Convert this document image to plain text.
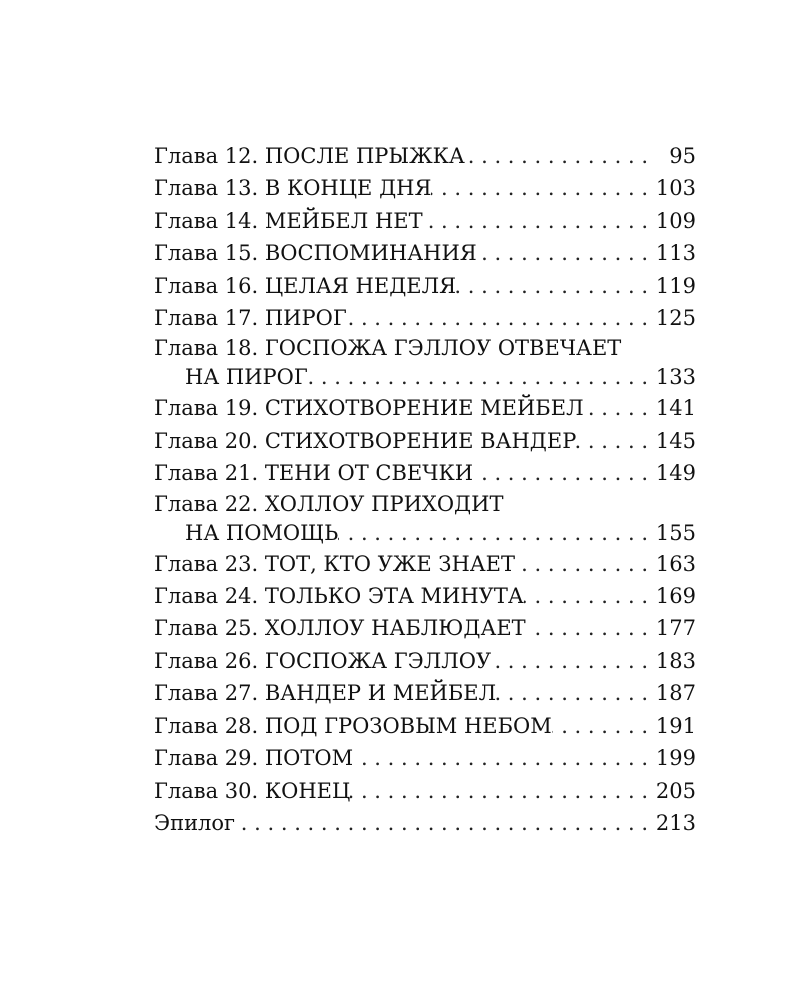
Глава 12. ПОСЛЕ ПРЫЖКА . . .	95
Глава 13. В КОНЦЕ ДНЯ . . .	103
Глава 14. МЕЙБЕЛ НЕТ . . .	109
Глава 15. ВОСПОМИНАНИЯ . . .	113
Глава 16. ЦЕЛАЯ НЕДЕЛЯ . . .	119
Глава 17. ПИРОГ . . .	125
Глава 18. ГОСПОЖА ГЭЛЛОУ ОТВЕЧАЕТ
НА ПИРОГ . . .	133
Глава 19. СТИХОТВОРЕНИЕ МЕЙБЕЛ . . .	141
Глава 20. СТИХОТВОРЕНИЕ ВАНДЕР . . .	145
Глава 21. ТЕНИ ОТ СВЕЧКИ . . .	149
Глава 22. ХОЛЛОУ ПРИХОДИТ
НА ПОМОЩЬ . . .	155
Глава 23. ТОТ, КТО УЖЕ ЗНАЕТ . . .	163
Глава 24. ТОЛЬКО ЭТА МИНУТА . . .	169
Глава 25. ХОЛЛОУ НАБЛЮДАЕТ . . .	177
Глава 26. ГОСПОЖА ГЭЛЛОУ . . .	183
Глава 27. ВАНДЕР И МЕЙБЕЛ . . .	187
Глава 28. ПОД ГРОЗОВЫМ НЕБОМ . . .	191
Глава 29. ПОТОМ . . .	199
Глава 30. КОНЕЦ . . .	205
Эпилог . . .	213
